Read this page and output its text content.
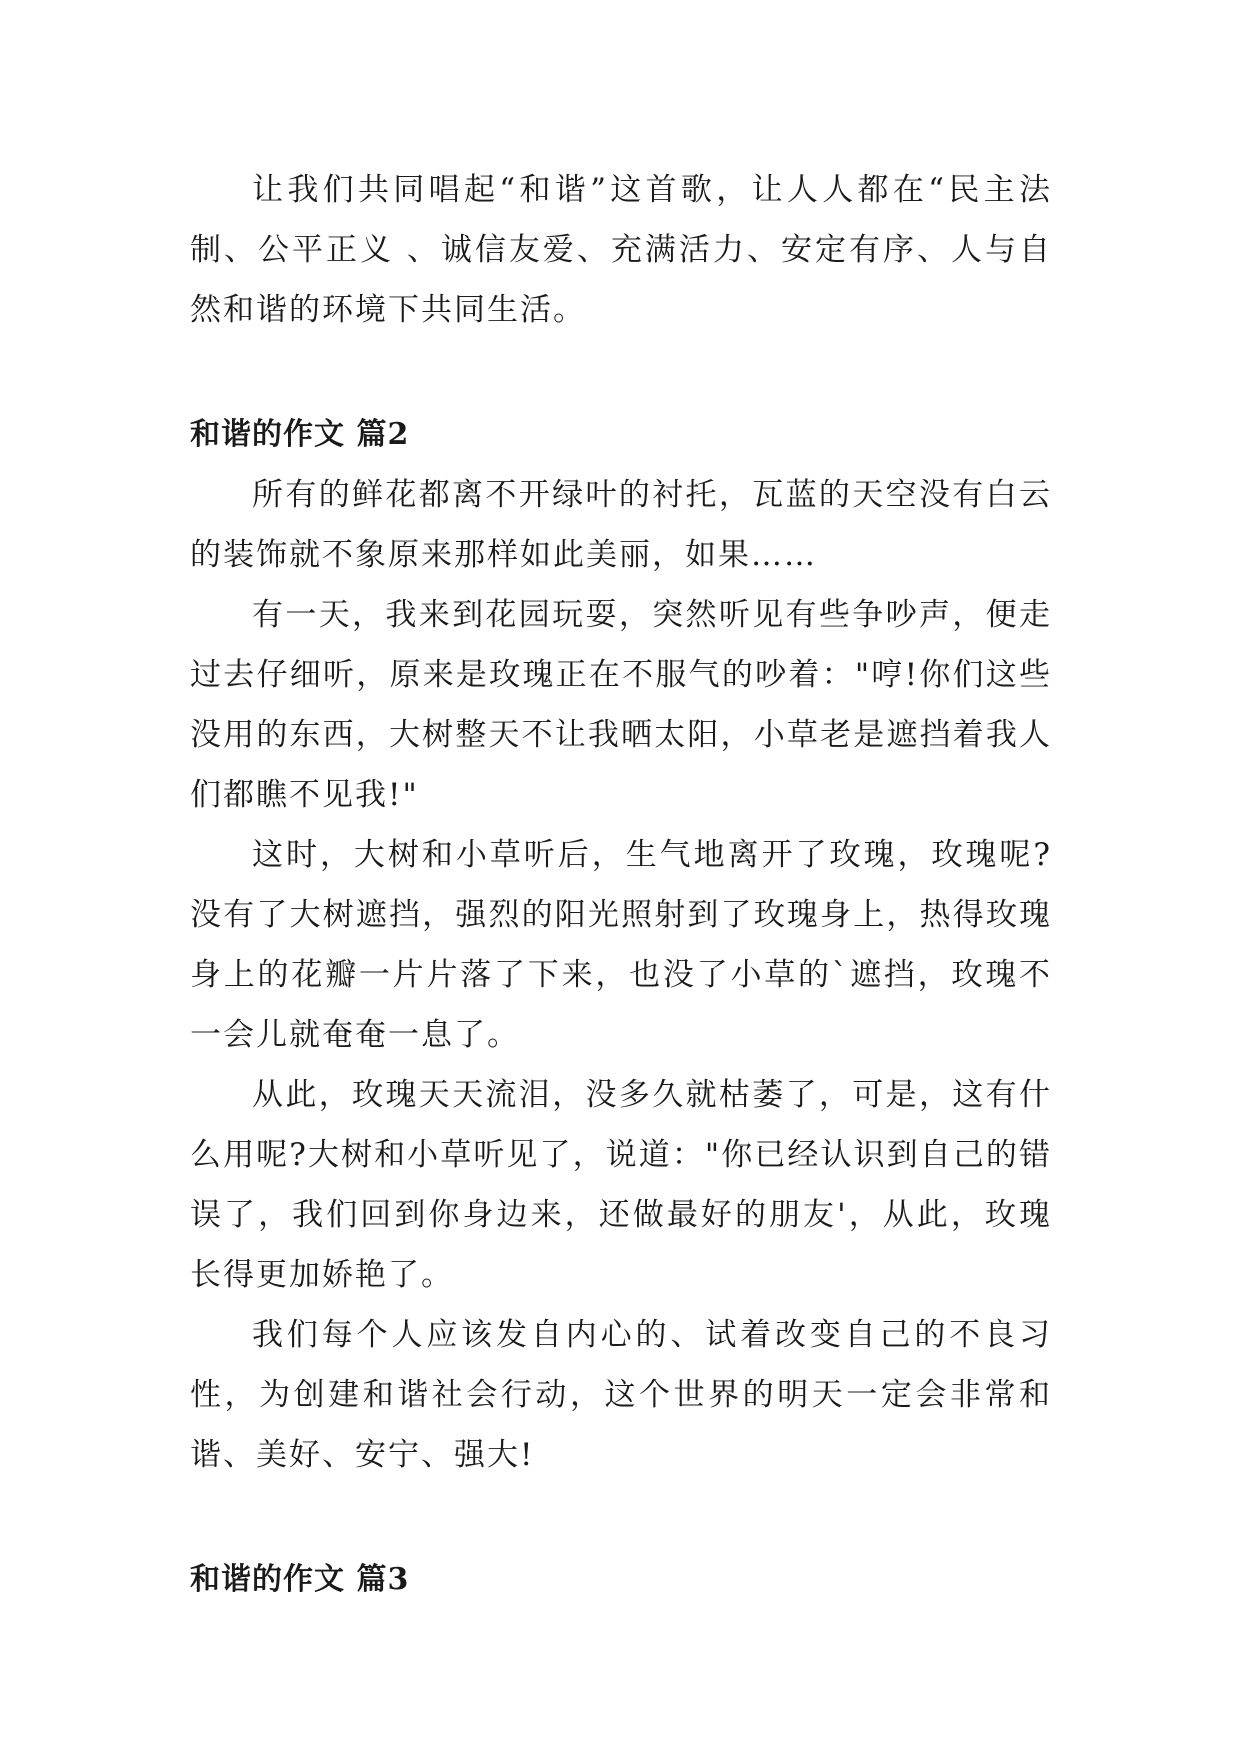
让我们共同唱起“和谐”这首歌，让人人都在“民主法制、公平正义 、诚信友爱、充满活力、安定有序、人与自然和谐的环境下共同生活。

和谐的作文 篇2

所有的鲜花都离不开绿叶的衬托，瓦蓝的天空没有白云的装饰就不象原来那样如此美丽，如果……

有一天，我来到花园玩耍，突然听见有些争吵声，便走过去仔细听，原来是玫瑰正在不服气的吵着："哼!你们这些没用的东西，大树整天不让我晒太阳，小草老是遮挡着我人们都瞧不见我!"

这时，大树和小草听后，生气地离开了玫瑰，玫瑰呢?没有了大树遮挡，强烈的阳光照射到了玫瑰身上，热得玫瑰身上的花瓣一片片落了下来，也没了小草的`遮挡，玫瑰不一会儿就奄奄一息了。

从此，玫瑰天天流泪，没多久就枯萎了，可是，这有什么用呢?大树和小草听见了，说道："你已经认识到自己的错误了，我们回到你身边来，还做最好的朋友'，从此，玫瑰长得更加娇艳了。

我们每个人应该发自内心的、试着改变自己的不良习性，为创建和谐社会行动，这个世界的明天一定会非常和谐、美好、安宁、强大!

和谐的作文 篇3
